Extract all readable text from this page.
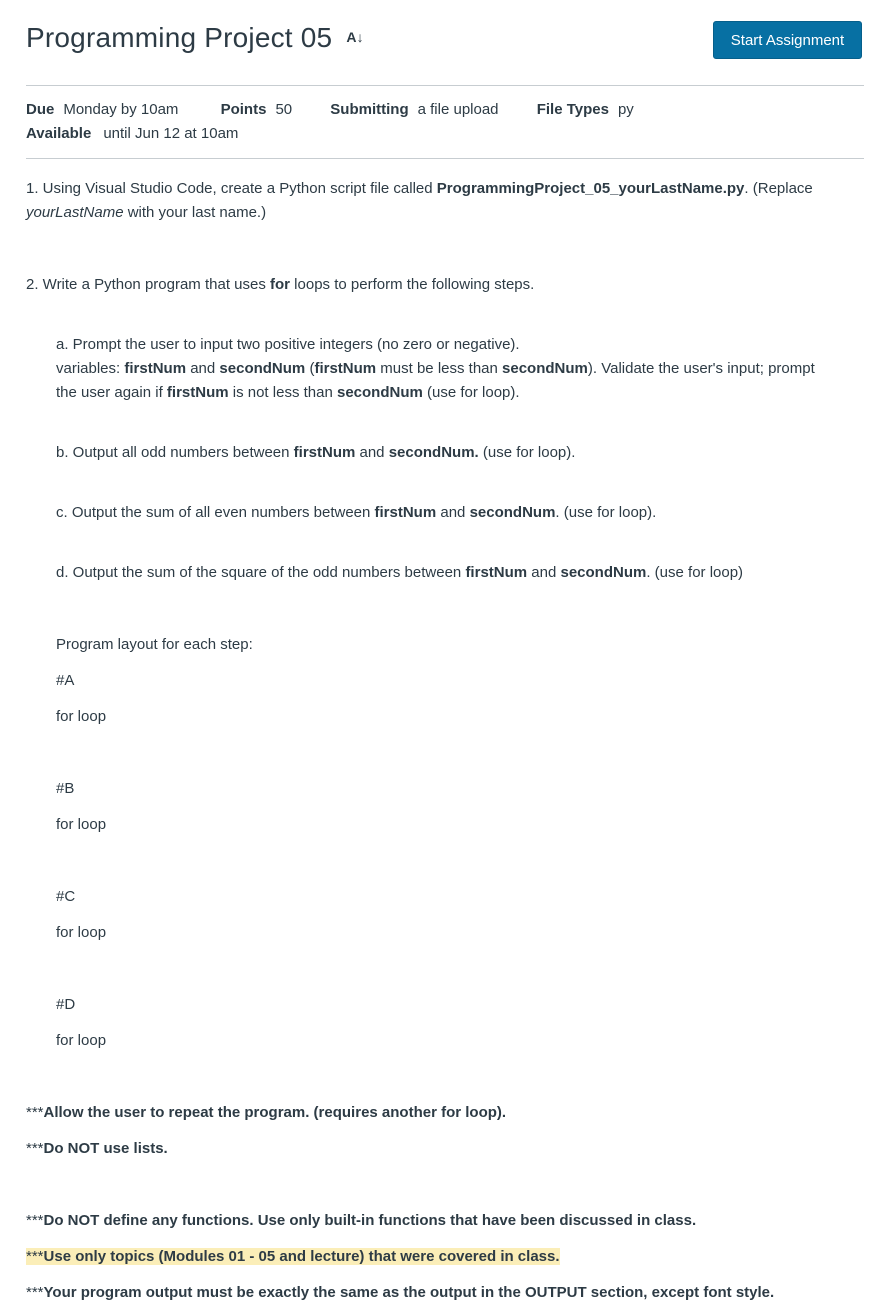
Programming Project 05 A↓	Start Assignment
Due Monday by 10am	Points 50	Submitting a file upload	File Types py
Available until Jun 12 at 10am
1. Using Visual Studio Code, create a Python script file called ProgrammingProject_05_yourLastName.py. (Replace
yourLastName with your last name.)
2. Write a Python program that uses for loops to perform the following steps.
a. Prompt the user to input two positive integers (no zero or negative).
variables: firstNum and secondNum (firstNum must be less than secondNum). Validate the user's input; prompt
the user again if firstNum is not less than secondNum (use for loop).
b. Output all odd numbers between firstNum and secondNum. (use for loop).
c. Output the sum of all even numbers between firstNum and secondNum. (use for loop).
d. Output the sum of the square of the odd numbers between firstNum and secondNum. (use for loop)
Program layout for each step:
#A
for loop
#B
for loop
#C
for loop
#D
for loop
***Allow the user to repeat the program. (requires another for loop).
***Do NOT use lists.
***Do NOT define any functions. Use only built-in functions that have been discussed in class.
***Use only topics (Modules 01 - 05 and lecture) that were covered in class.
***Your program output must be exactly the same as the output in the OUTPUT section, except font style.
